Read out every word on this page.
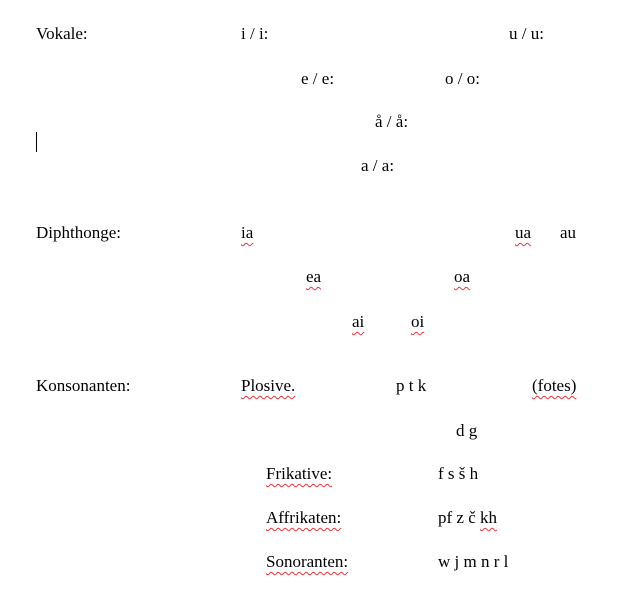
Vokale:	i / i:	u / u:
e / e:	o / o:
å / å:
a / a:
Diphthonge:	ia	ua au
ea	oa
ai	oi
Konsonanten:	Plosive.	p t k	(fotes)
d g
Frikative:	f s š h
Affrikaten:	pf z č kh
Sonoranten:	w j m n r l
